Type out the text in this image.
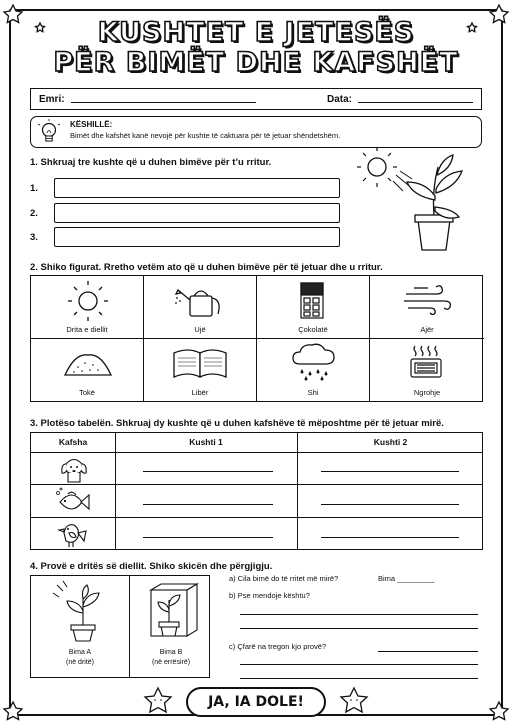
KUSHTET E JETESËS
PËR BIMËT DHE KAFSHËT
Emri:	Data:
KËSHILLË:
Bimët dhe kafshët kanë nevojë për kushte të caktuara për të jetuar shëndetshëm.
1. Shkruaj tre kushte që u duhen bimëve për t’u rritur.
1.
2.
3.
2. Shiko figurat. Rretho vetëm ato që u duhen bimëve për të jetuar dhe u rritur.
Drita e diellit	Ujë	Çokolatë	Ajër
Tokë	Libër	Shi	Ngrohje
3. Plotëso tabelën. Shkruaj dy kushte që u duhen kafshëve të mëposhtme për të jetuar mirë.
Kafsha	Kushti 1	Kushti 2
4. Provë e dritës së diellit. Shiko skicën dhe përgjigju.
Bima A
(në dritë)
Bima B
(në errësirë)
a) Cila bimë do të rritet më mirë?	Bima _________
b) Pse mendoje kështu?
c) Çfarë na tregon kjo provë?
JA, IA DOLE!
